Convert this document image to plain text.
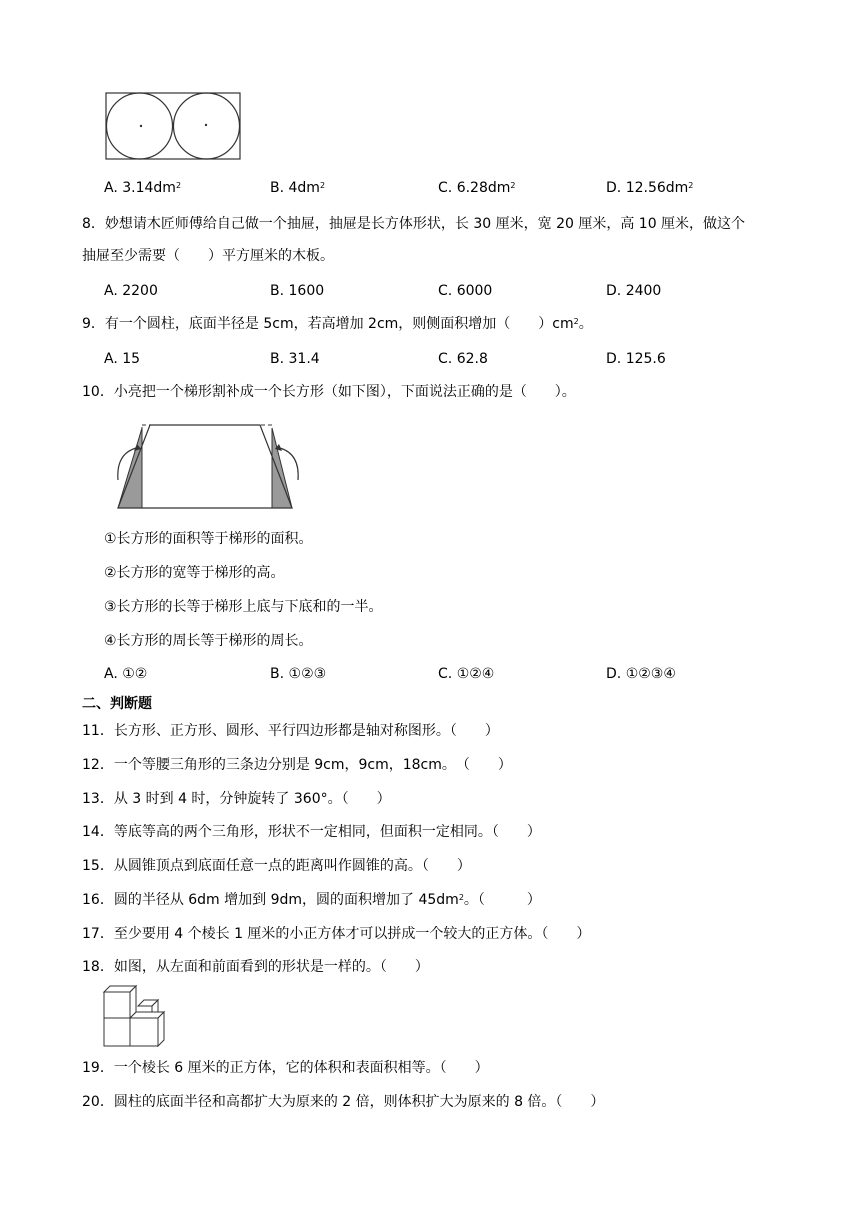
A. $3.14dm^2$	B. $4dm^2$	C. $6.28dm^2$	D. $12.56dm^2$
8．妙想请木匠师傅给自己做一个抽屉，抽屉是长方体形状，长 30 厘米，宽 20 厘米，高 10 厘米，做这个
抽屉至少需要（　　）平方厘米的木板。
A. 2200	B. 1600	C. 6000	D. 2400
9．有一个圆柱，底面半径是 5cm，若高增加 2cm，则侧面积增加（　　）$cm^2$。
A. 15	B. 31.4	C. 62.8	D. 125.6
10．小亮把一个梯形割补成一个长方形（如下图），下面说法正确的是（　　）。
①长方形的面积等于梯形的面积。
②长方形的宽等于梯形的高。
③长方形的长等于梯形上底与下底和的一半。
④长方形的周长等于梯形的周长。
A. ①②	B. ①②③	C. ①②④	D. ①②③④
二、判断题
11．长方形、正方形、圆形、平行四边形都是轴对称图形。（　　）
12．一个等腰三角形的三条边分别是 9cm，9cm，18cm。　（　　）
13．从 3 时到 4 时，分钟旋转了 360°。（　　）
14．等底等高的两个三角形，形状不一定相同，但面积一定相同。（　　）
15．从圆锥顶点到底面任意一点的距离叫作圆锥的高。（　　）
16．圆的半径从 6dm 增加到 9dm，圆的面积增加了 $45dm^2$。（　　　）
17．至少要用 4 个棱长 1 厘米的小正方体才可以拼成一个较大的正方体。（　　）
18．如图，从左面和前面看到的形状是一样的。（　　）
19．一个棱长 6 厘米的正方体，它的体积和表面积相等。（　　）
20．圆柱的底面半径和高都扩大为原来的 2 倍，则体积扩大为原来的 8 倍。（　　）
